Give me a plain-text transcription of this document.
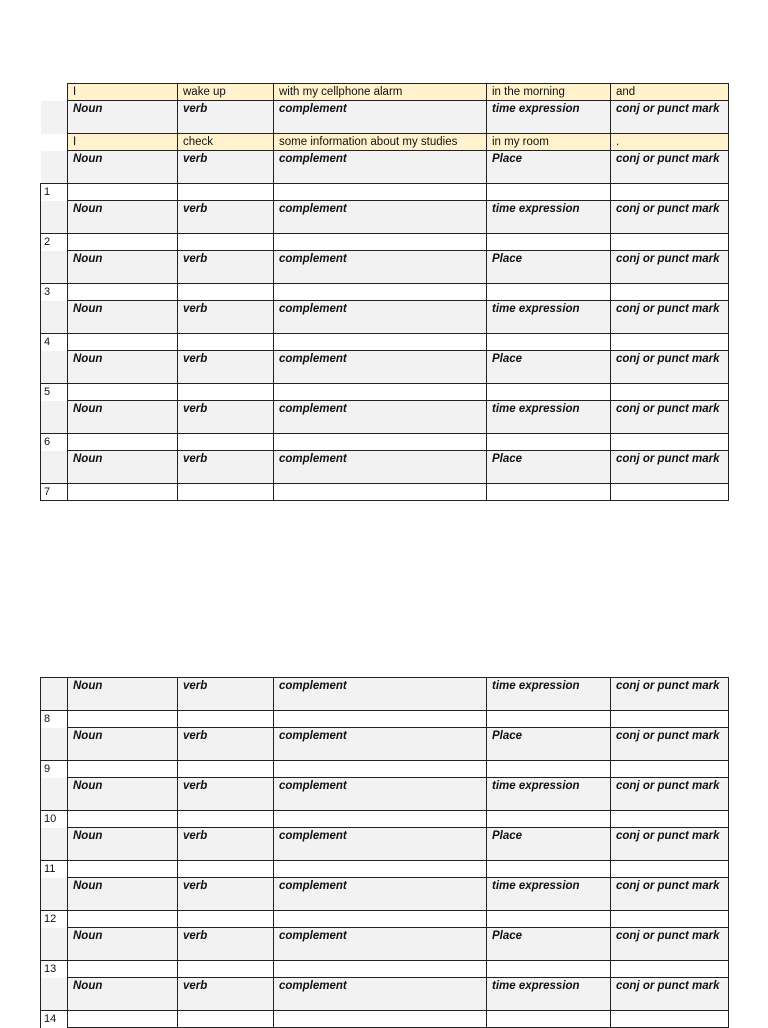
	I	wake up	with my cellphone alarm	in the morning	and
	Noun	verb	complement	time expression	conj or punct mark
	I	check	some information about my studies	in my room	.
	Noun	verb	complement	Place	conj or punct mark
1					
	Noun	verb	complement	time expression	conj or punct mark
2					
	Noun	verb	complement	Place	conj or punct mark
3					
	Noun	verb	complement	time expression	conj or punct mark
4					
	Noun	verb	complement	Place	conj or punct mark
5					
	Noun	verb	complement	time expression	conj or punct mark
6					
	Noun	verb	complement	Place	conj or punct mark
7					
	Noun	verb	complement	time expression	conj or punct mark
8					
	Noun	verb	complement	Place	conj or punct mark
9					
	Noun	verb	complement	time expression	conj or punct mark
10					
	Noun	verb	complement	Place	conj or punct mark
11					
	Noun	verb	complement	time expression	conj or punct mark
12					
	Noun	verb	complement	Place	conj or punct mark
13					
	Noun	verb	complement	time expression	conj or punct mark
14					
